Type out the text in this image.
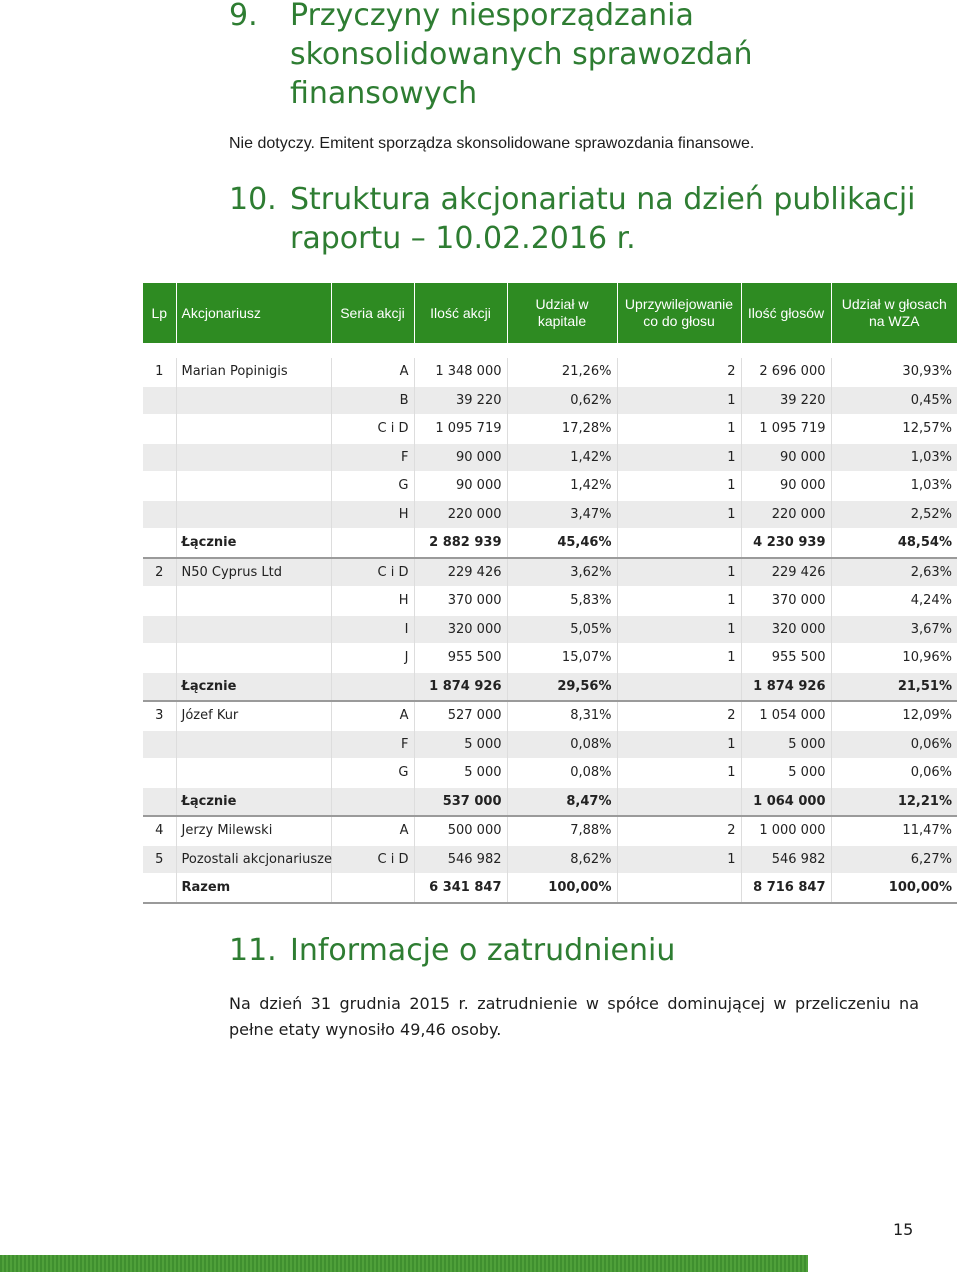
9.	Przyczyny niesporządzania skonsolidowanych sprawozdań finansowych

Nie dotyczy. Emitent sporządza skonsolidowane sprawozdania finansowe.

10. Struktura akcjonariatu na dzień publikacji raportu – 10.02.2016 r.
Lp	Akcjonariusz	Seria akcji	Ilość akcji	Udział w kapitale	Uprzywilejowanie co do głosu	Ilość głosów	Udział w głosach na WZA
1	Marian Popinigis	A	1 348 000	21,26%	2	2 696 000	30,93%
		B	39 220	0,62%	1	39 220	0,45%
		C i D	1 095 719	17,28%	1	1 095 719	12,57%
		F	90 000	1,42%	1	90 000	1,03%
		G	90 000	1,42%	1	90 000	1,03%
		H	220 000	3,47%	1	220 000	2,52%
	Łącznie		2 882 939	45,46%		4 230 939	48,54%
2	N50 Cyprus Ltd	C i D	229 426	3,62%	1	229 426	2,63%
		H	370 000	5,83%	1	370 000	4,24%
		I	320 000	5,05%	1	320 000	3,67%
		J	955 500	15,07%	1	955 500	10,96%
	Łącznie		1 874 926	29,56%		1 874 926	21,51%
3	Józef Kur	A	527 000	8,31%	2	1 054 000	12,09%
		F	5 000	0,08%	1	5 000	0,06%
		G	5 000	0,08%	1	5 000	0,06%
	Łącznie		537 000	8,47%		1 064 000	12,21%
4	Jerzy Milewski	A	500 000	7,88%	2	1 000 000	11,47%
5	Pozostali akcjonariusze	C i D	546 982	8,62%	1	546 982	6,27%
	Razem		6 341 847	100,00%		8 716 847	100,00%
11. Informacje o zatrudnieniu

Na dzień 31 grudnia 2015 r. zatrudnienie w spółce dominującej w przeliczeniu na pełne etaty wynosiło 49,46 osoby.

15
